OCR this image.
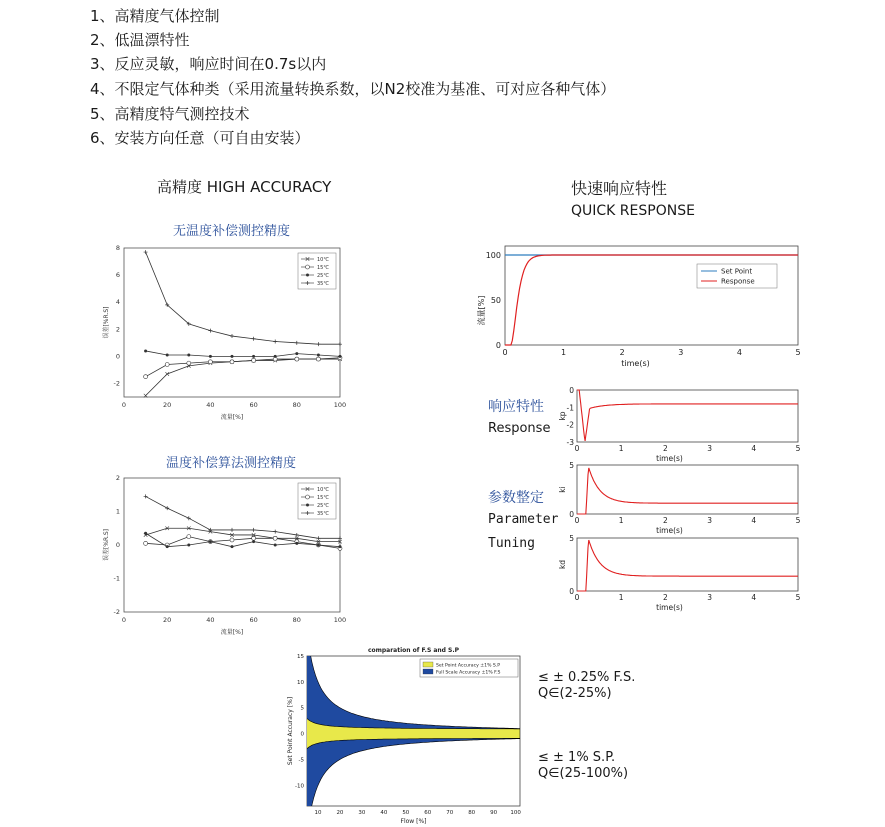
1、高精度气体控制
2、低温漂特性
3、反应灵敏，响应时间在0.7s以内
4、不限定气体种类（采用流量转换系数，以N2校准为基准、可对应各种气体）
5、高精度特气测控技术
6、安装方向任意（可自由安装）
高精度 HIGH ACCURACY	快速响应特性
QUICK RESPONSE
无温度补偿测控精度
温度补偿算法测控精度
响应特性
Response
参数整定
Parameter
Tuning
≤ ± 0.25% F.S.
Q∈(2-25%)
≤ ± 1% S.P.
Q∈(25-100%)
0	20	40	60	80	100
-2
0
2
4
6
8
流量[%]
误差[%R.S]
10℃
15℃
25℃
35℃
0	20	40	60	80	100
-2
-1
0
1
2
流量[%]
误差[%R.S]
10℃
15℃
25℃
35℃
0	1	2	3	4	5
0
50
100
time(s)
流量[%]
Set Point
Response
0	1	2	3	4	5
-3
-2
-1
0
time(s)
kp
0	1	2	3	4	5
0
5
time(s)
ki
0	1	2	3	4	5
0
5
time(s)
kd
10	20	30	40	50	60	70	80	90 100
15
10
5
0
-5
-10
Flow [%]
Set Point Accuracy [%]
comparation of F.S and S.P
Set Point Accuracy ±1% S.P
Full Scale Accuracy ±1% F.S
